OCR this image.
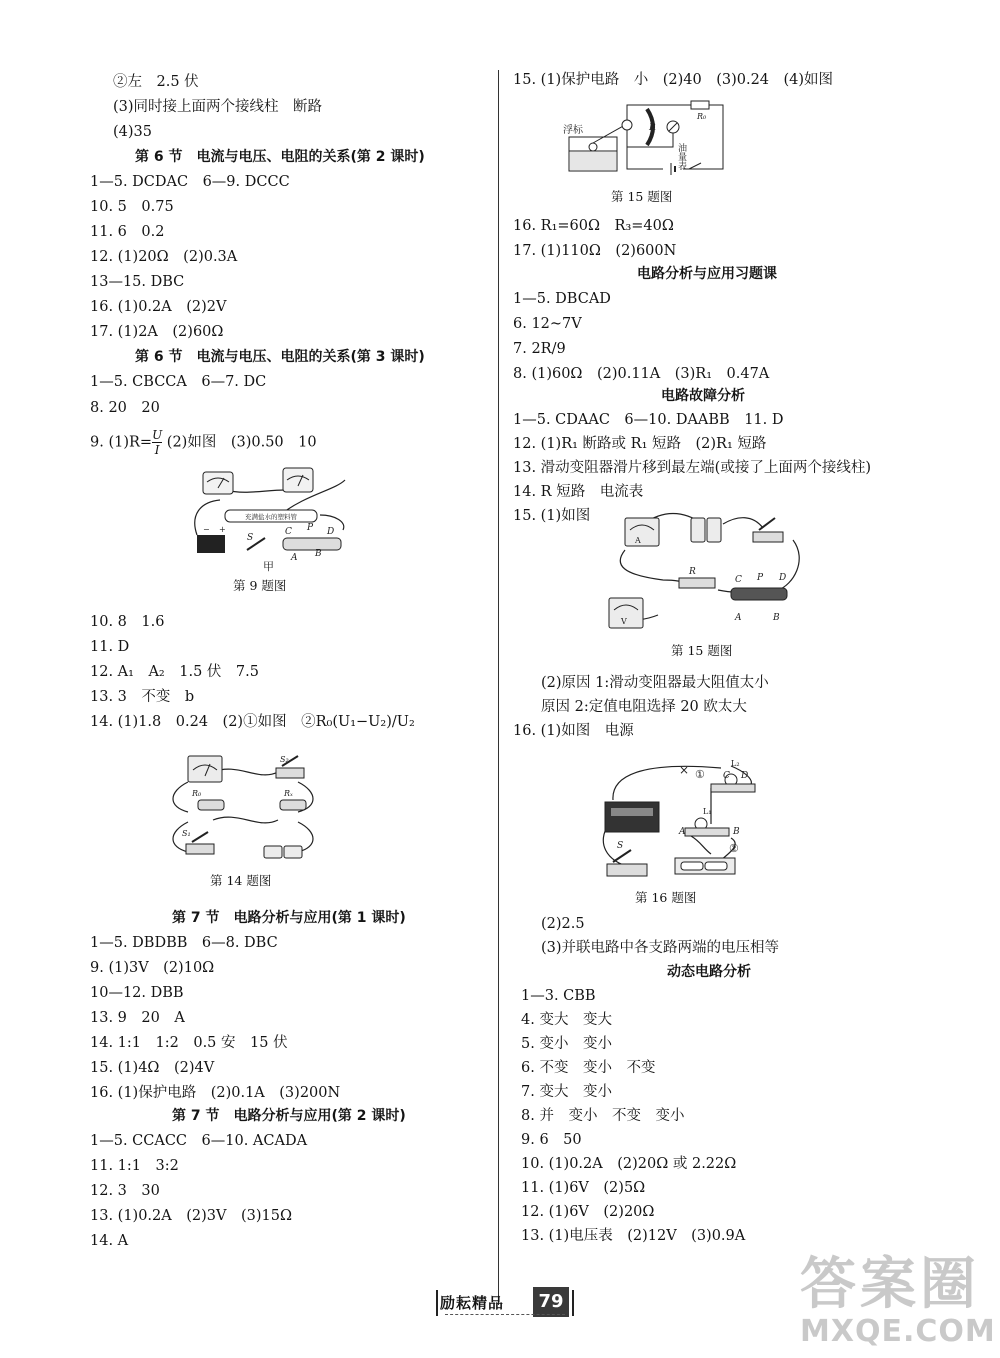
②左　2.5 伏
(3)同时接上面两个接线柱　断路
(4)35
第 6 节　电流与电压、电阻的关系(第 2 课时)
1—5. DCDAC　6—9. DCCC
10. 5　0.75
11. 6　0.2
12. (1)20Ω　(2)0.3A
13—15. DBC
16. (1)0.2A　(2)2V
17. (1)2A　(2)60Ω
第 6 节　电流与电压、电阻的关系(第 3 课时)
1—5. CBCCA　6—7. DC
8. 20　20
9. $(1)R= \frac{U}{I} (2)$如图　(3)0.50　10
充满盐水的塑料管
− +
S
C P D
A B
甲
第 9 题图
10. 8　1.6
11. D
12. A₁　A₂　1.5 伏　7.5
13. 3　不变　b
14. (1)1.8　0.24　(2)①如图　②R₀(U₁−U₂)/U₂
S₂
R₀	Rₓ
S₁
第 14 题图
第 7 节　电路分析与应用(第 1 课时)
1—5. DBDBB　6—8. DBC
9. (1)3V　(2)10Ω
10—12. DBB
13. 9　20　A
14. 1:1　1:2　0.5 安　15 伏
15. (1)4Ω　(2)4V
16. (1)保护电路　(2)0.1A　(3)200N
第 7 节　电路分析与应用(第 2 课时)
1—5. CCACC　6—10. ACADA
11. 1:1　3:2
12. 3　30
13. (1)0.2A　(2)3V　(3)15Ω
14. A
15. (1)保护电路　小　(2)40　(3)0.24　(4)如图
浮标	R
油量表
R₀
第 15 题图
16. R₁=60Ω　R₃=40Ω
17. (1)110Ω　(2)600N
电路分析与应用习题课
1—5. DBCAD
6. 12~7V
7. 2R/9
8. (1)60Ω　(2)0.11A　(3)R₁　0.47A
电路故障分析
1—5. CDAAC　6—10. DAABB　11. D
12. (1)R₁ 断路或 R₁ 短路　(2)R₁ 短路
13. 滑动变阻器滑片移到最左端(或接了上面两个接线柱)
14. R 短路　电流表
15. (1)如图
A
R
C P D
A	B
V
第 15 题图
(2)原因 1:滑动变阻器最大阻值太小
原因 2:定值电阻选择 20 欧太大
16. (1)如图　电源
× ① C
L₂
D
L₁
A	B
②
S
第 16 题图
(2)2.5
(3)并联电路中各支路两端的电压相等
动态电路分析
1—3. CBB
4. 变大　变大
5. 变小　变小
6. 不变　变小　不变
7. 变大　变小
8. 并　变小　不变　变小
9. 6　50
10. (1)0.2A　(2)20Ω 或 2.22Ω
11. (1)6V　(2)5Ω
12. (1)6V　(2)20Ω
13. (1)电压表　(2)12V　(3)0.9A
励耘精品	79	答案圈
MXQE.COM
